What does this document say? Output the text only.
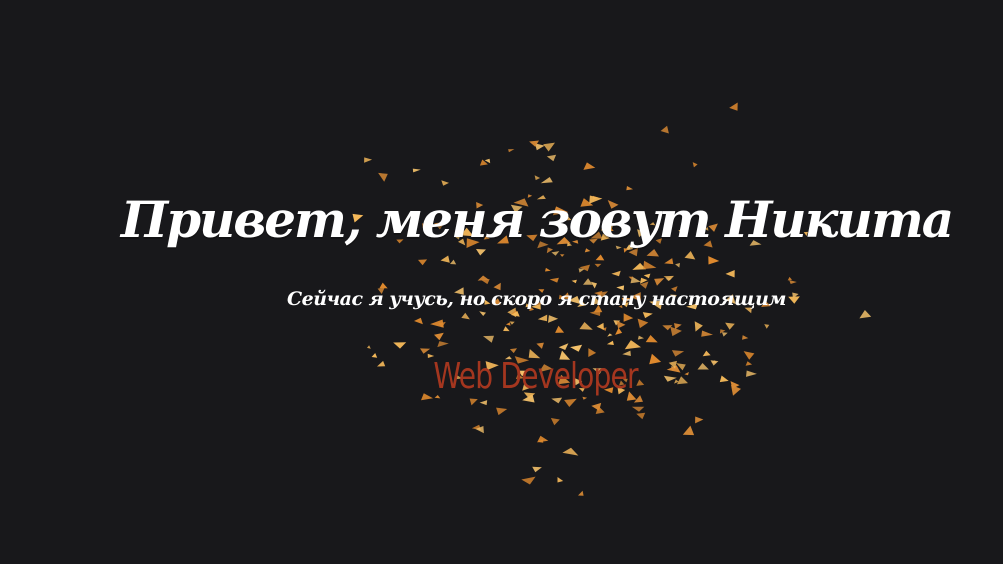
Привет, меня зовут Никита

Сейчас я учусь, но скоро я стану настоящим

Web Developer
